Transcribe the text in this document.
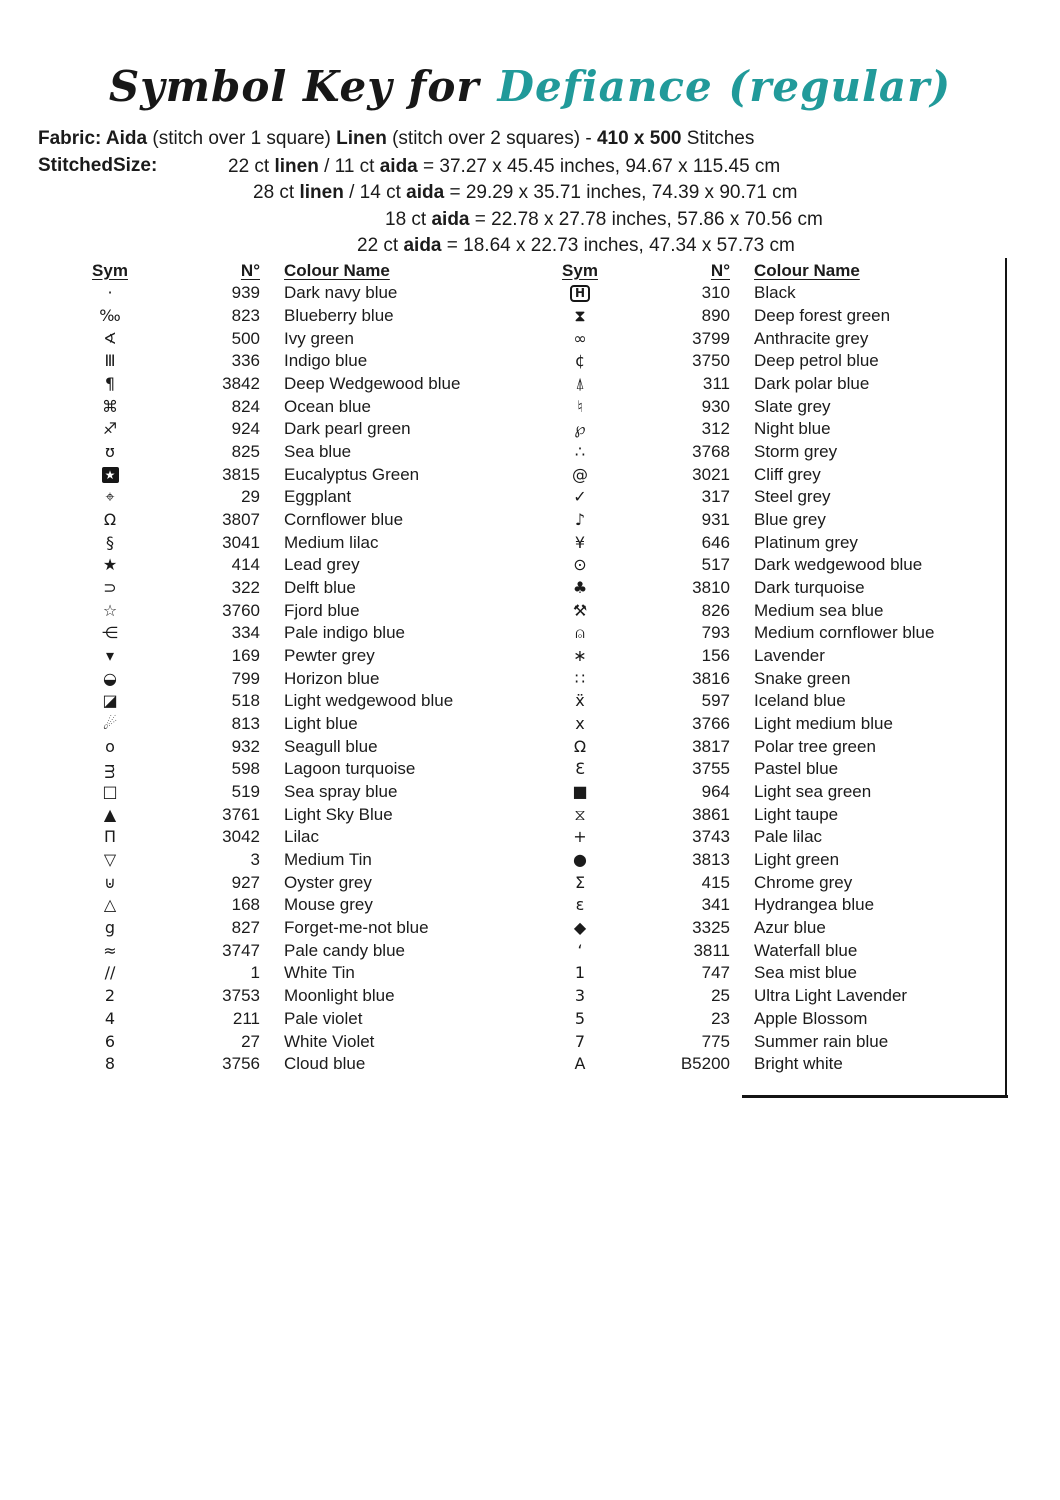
Symbol Key for Defiance (regular)
Fabric: Aida (stitch over 1 square) Linen (stitch over 2 squares) - 410 x 500 Stitches
StitchedSize:	22 ct linen / 11 ct aida = 37.27 x 45.45 inches, 94.67 x 115.45 cm
28 ct linen / 14 ct aida = 29.29 x 35.71 inches, 74.39 x 90.71 cm
18 ct aida = 22.78 x 27.78 inches, 57.86 x 70.56 cm
22 ct aida = 18.64 x 22.73 inches, 47.34 x 57.73 cm
Sym	N°	Colour Name
·	939	Dark navy blue
‰	823	Blueberry blue
∢	500	Ivy green
Ⅲ	336	Indigo blue
¶	3842	Deep Wedgewood blue
⌘	824	Ocean blue
♐	924	Dark pearl green
ʊ	825	Sea blue
★	3815	Eucalyptus Green
⌖	29	Eggplant
Ω	3807	Cornflower blue
§	3041	Medium lilac
★	414	Lead grey
⊃	322	Delft blue
☆	3760	Fjord blue
⋲	334	Pale indigo blue
▾	169	Pewter grey
◒	799	Horizon blue
◪	518	Light wedgewood blue
☄	813	Light blue
o	932	Seagull blue
ᴟ	598	Lagoon turquoise
□	519	Sea spray blue
▲	3761	Light Sky Blue
Π	3042	Lilac
▽	3	Medium Tin
⊍	927	Oyster grey
△	168	Mouse grey
g	827	Forget-me-not blue
≈	3747	Pale candy blue
∕∕	1	White Tin
2	3753	Moonlight blue
4	211	Pale violet
6	27	White Violet
8	3756	Cloud blue
Sym	N°	Colour Name
H	310	Black
⧗	890	Deep forest green
∞	3799	Anthracite grey
¢	3750	Deep petrol blue
⍋	311	Dark polar blue
♮	930	Slate grey
℘	312	Night blue
∴	3768	Storm grey
@	3021	Cliff grey
✓	317	Steel grey
♪	931	Blue grey
¥	646	Platinum grey
⊙	517	Dark wedgewood blue
♣	3810	Dark turquoise
⚒	826	Medium sea blue
⍝	793	Medium cornflower blue
∗	156	Lavender
∷	3816	Snake green
ẍ	597	Iceland blue
x	3766	Light medium blue
Ω	3817	Polar tree green
Ɛ	3755	Pastel blue
■	964	Light sea green
⧖	3861	Light taupe
+	3743	Pale lilac
●	3813	Light green
Σ	415	Chrome grey
ɛ	341	Hydrangea blue
◆	3325	Azur blue
‘	3811	Waterfall blue
1	747	Sea mist blue
3	25	Ultra Light Lavender
5	23	Apple Blossom
7	775	Summer rain blue
A	B5200	Bright white
